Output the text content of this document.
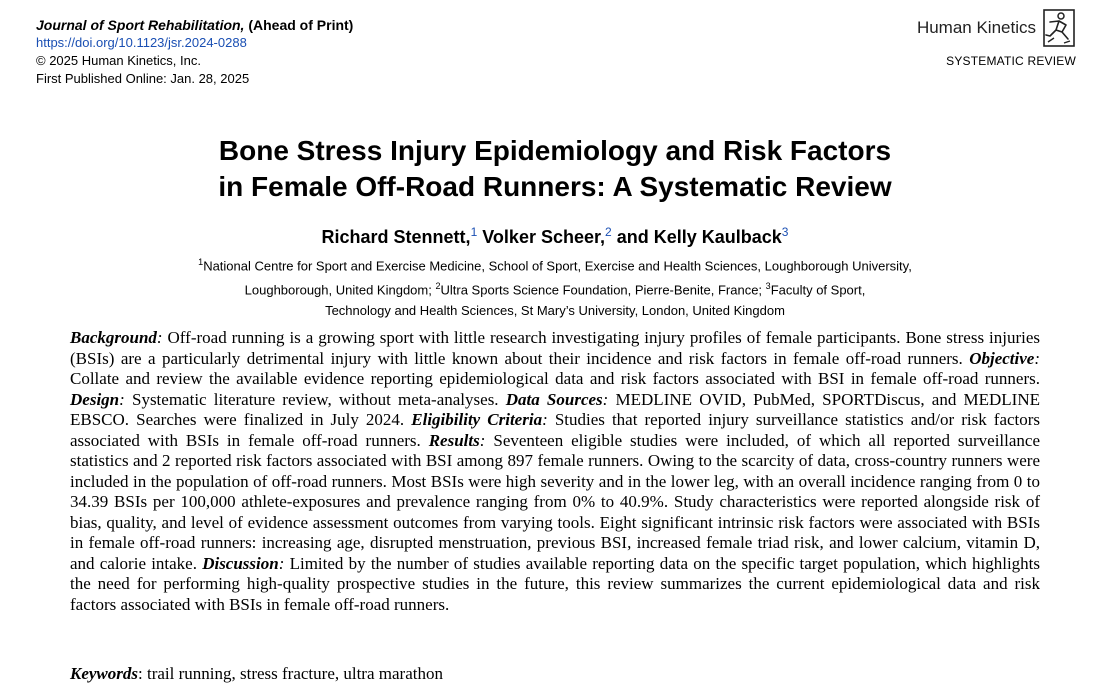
Journal of Sport Rehabilitation, (Ahead of Print)
https://doi.org/10.1123/jsr.2024-0288
© 2025 Human Kinetics, Inc.
First Published Online: Jan. 28, 2025
Human Kinetics
SYSTEMATIC REVIEW
Bone Stress Injury Epidemiology and Risk Factors
in Female Off-Road Runners: A Systematic Review
Richard Stennett,$^1$ Volker Scheer,$^2$ and Kelly Kaulback$^3$
$^1$National Centre for Sport and Exercise Medicine, School of Sport, Exercise and Health Sciences, Loughborough University,
Loughborough, United Kingdom; $^2$Ultra Sports Science Foundation, Pierre-Benite, France; $^3$Faculty of Sport,
Technology and Health Sciences, St Mary’s University, London, United Kingdom
Background: Off-road running is a growing sport with little research investigating injury profiles of female participants. Bone stress injuries (BSIs) are a particularly detrimental injury with little known about their incidence and risk factors in female off-road runners. Objective: Collate and review the available evidence reporting epidemiological data and risk factors associated with BSI in female off-road runners. Design: Systematic literature review, without meta-analyses. Data Sources: MEDLINE OVID, PubMed, SPORTDiscus, and MEDLINE EBSCO. Searches were finalized in July 2024. Eligibility Criteria: Studies that reported injury surveillance statistics and/or risk factors associated with BSIs in female off-road runners. Results: Seventeen eligible studies were included, of which all reported surveillance statistics and 2 reported risk factors associated with BSI among 897 female runners. Owing to the scarcity of data, cross-country runners were included in the population of off-road runners. Most BSIs were high severity and in the lower leg, with an overall incidence ranging from 0 to 34.39 BSIs per 100,000 athlete-exposures and prevalence ranging from 0% to 40.9%. Study characteristics were reported alongside risk of bias, quality, and level of evidence assessment outcomes from varying tools. Eight significant intrinsic risk factors were associated with BSIs in female off-road runners: increasing age, disrupted menstruation, previous BSI, increased female triad risk, and lower calcium, vitamin D, and calorie intake. Discussion: Limited by the number of studies available reporting data on the specific target population, which highlights the need for performing high-quality prospective studies in the future, this review summarizes the current epidemiological data and risk factors associated with BSIs in female off-road runners.
Keywords: trail running, stress fracture, ultra marathon
